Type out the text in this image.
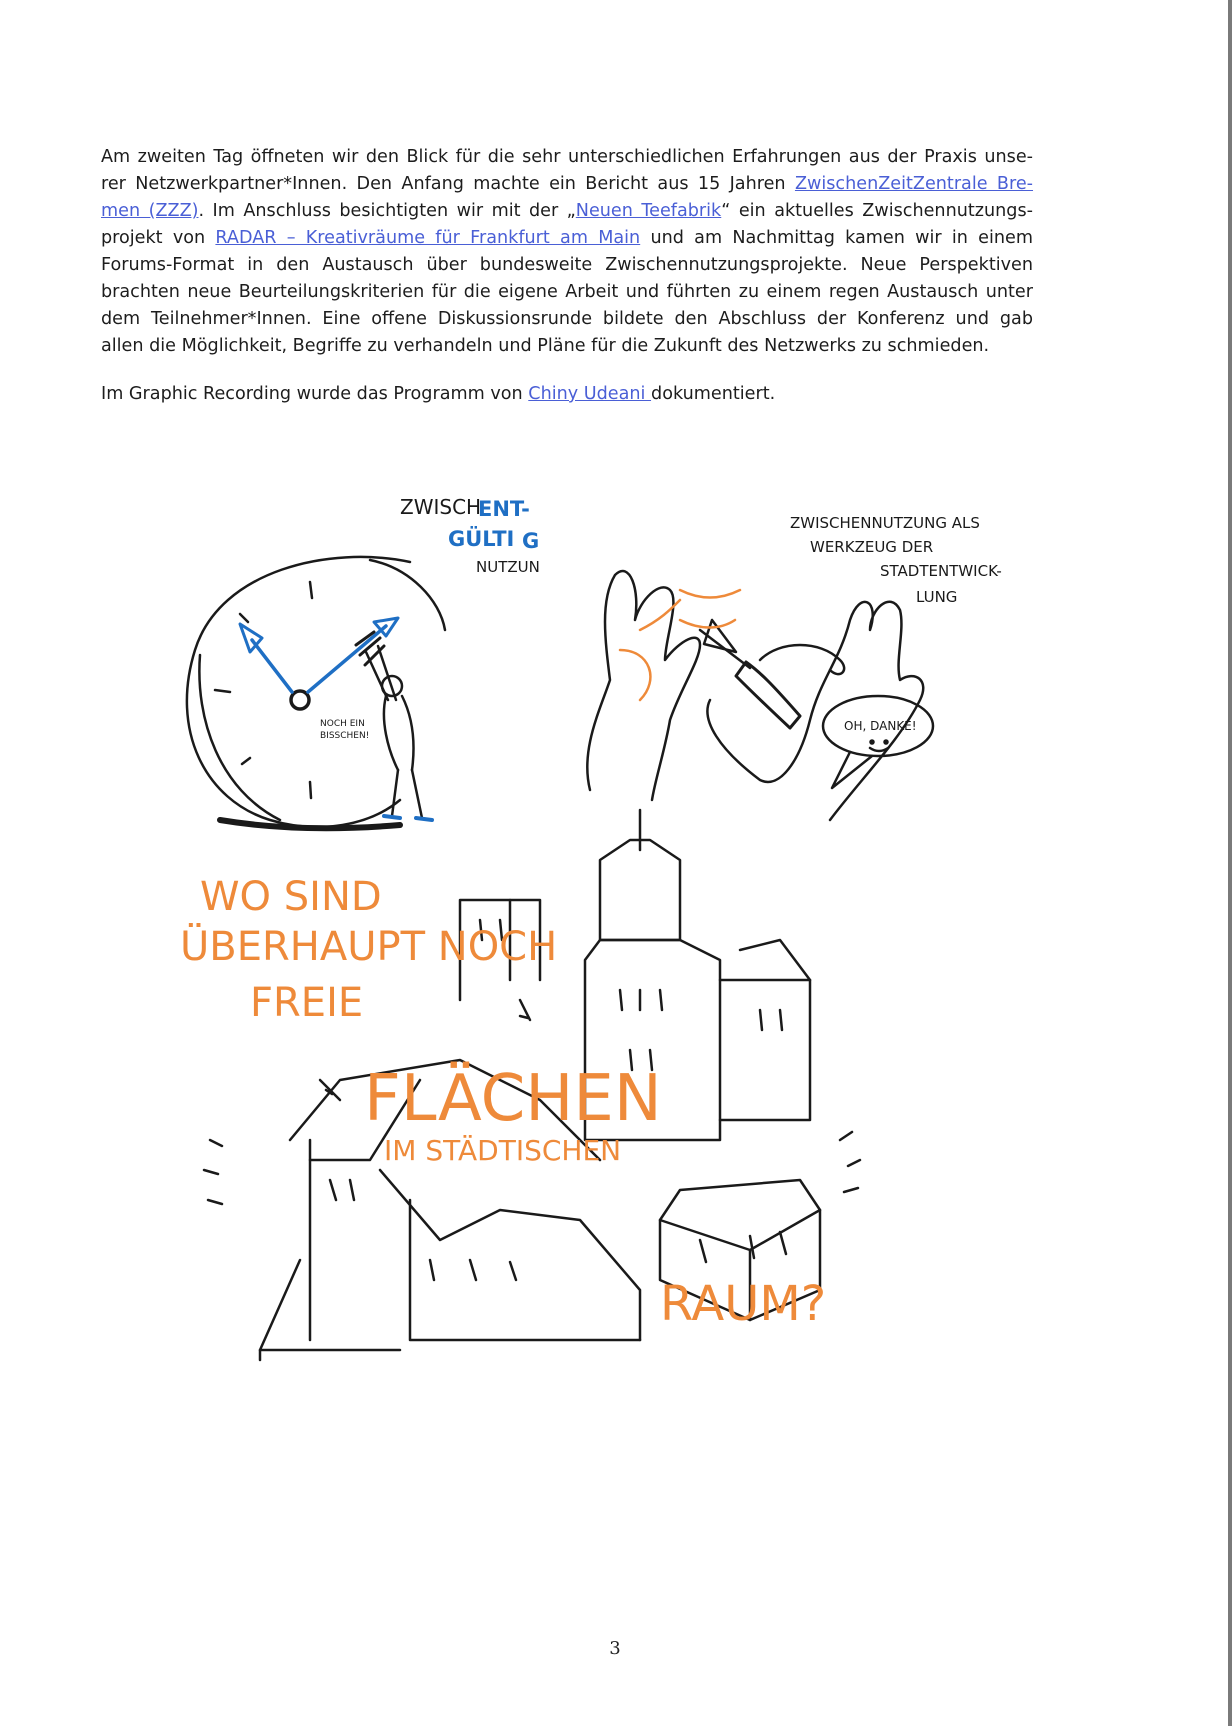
Am zweiten Tag öffneten wir den Blick für die sehr unterschiedlichen Erfahrungen aus der Praxis unse-
rer Netzwerkpartner*Innen. Den Anfang machte ein Bericht aus 15 Jahren ZwischenZeitZentrale Bre-
men (ZZZ). Im Anschluss besichtigten wir mit der „Neuen Teefabrik“ ein aktuelles Zwischennutzungs-
projekt von RADAR – Kreativräume für Frankfurt am Main und am Nachmittag kamen wir in einem
Forums-Format in den Austausch über bundesweite Zwischennutzungsprojekte. Neue Perspektiven
brachten neue Beurteilungskriterien für die eigene Arbeit und führten zu einem regen Austausch unter
dem Teilnehmer*Innen. Eine offene Diskussionsrunde bildete den Abschluss der Konferenz und gab
allen die Möglichkeit, Begriffe zu verhandeln und Pläne für die Zukunft des Netzwerks zu schmieden.
Im Graphic Recording wurde das Programm von Chiny Udeani dokumentiert.
NOCH EIN
BISSCHEN!
ZWISCH
ENT-
GÜLTI G
NUTZUN
OH, DANKE!
ZWISCHENNUTZUNG ALS
WERKZEUG DER
STADTENTWICK-
LUNG
WO SIND
ÜBERHAUPT NOCH
FREIE
FLÄCHEN
IM STÄDTISCHEN
RAUM?
3
